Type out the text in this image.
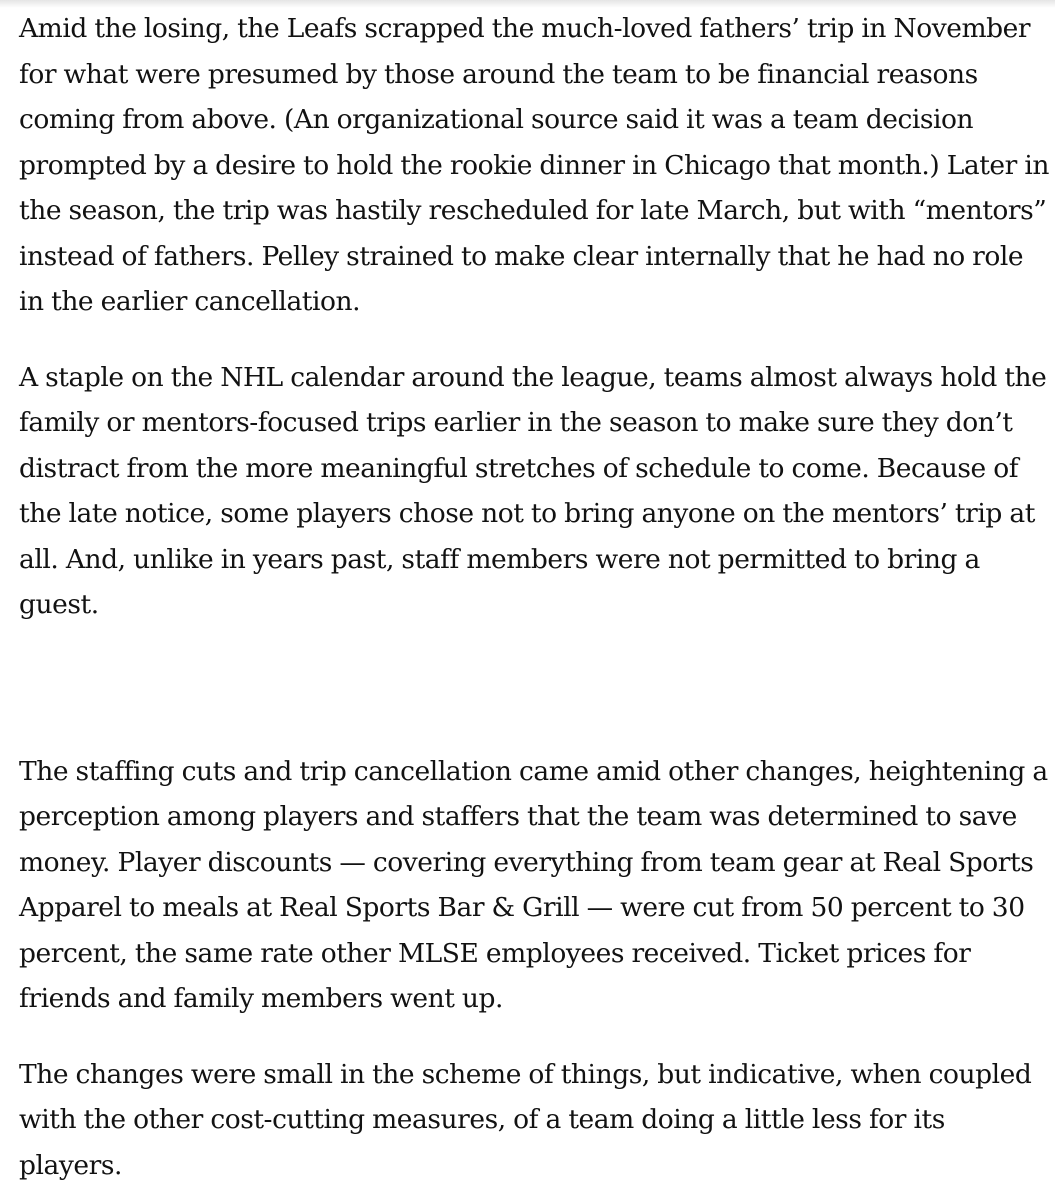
Amid the losing, the Leafs scrapped the much-loved fathers’ trip in November for what were presumed by those around the team to be financial reasons coming from above. (An organizational source said it was a team decision prompted by a desire to hold the rookie dinner in Chicago that month.) Later in the season, the trip was hastily rescheduled for late March, but with “mentors” instead of fathers. Pelley strained to make clear internally that he had no role in the earlier cancellation.

A staple on the NHL calendar around the league, teams almost always hold the family or mentors-focused trips earlier in the season to make sure they don’t distract from the more meaningful stretches of schedule to come. Because of the late notice, some players chose not to bring anyone on the mentors’ trip at all. And, unlike in years past, staff members were not permitted to bring a guest.

The staffing cuts and trip cancellation came amid other changes, heightening a perception among players and staffers that the team was determined to save money. Player discounts — covering everything from team gear at Real Sports Apparel to meals at Real Sports Bar & Grill — were cut from 50 percent to 30 percent, the same rate other MLSE employees received. Ticket prices for friends and family members went up.

The changes were small in the scheme of things, but indicative, when coupled with the other cost-cutting measures, of a team doing a little less for its players.
